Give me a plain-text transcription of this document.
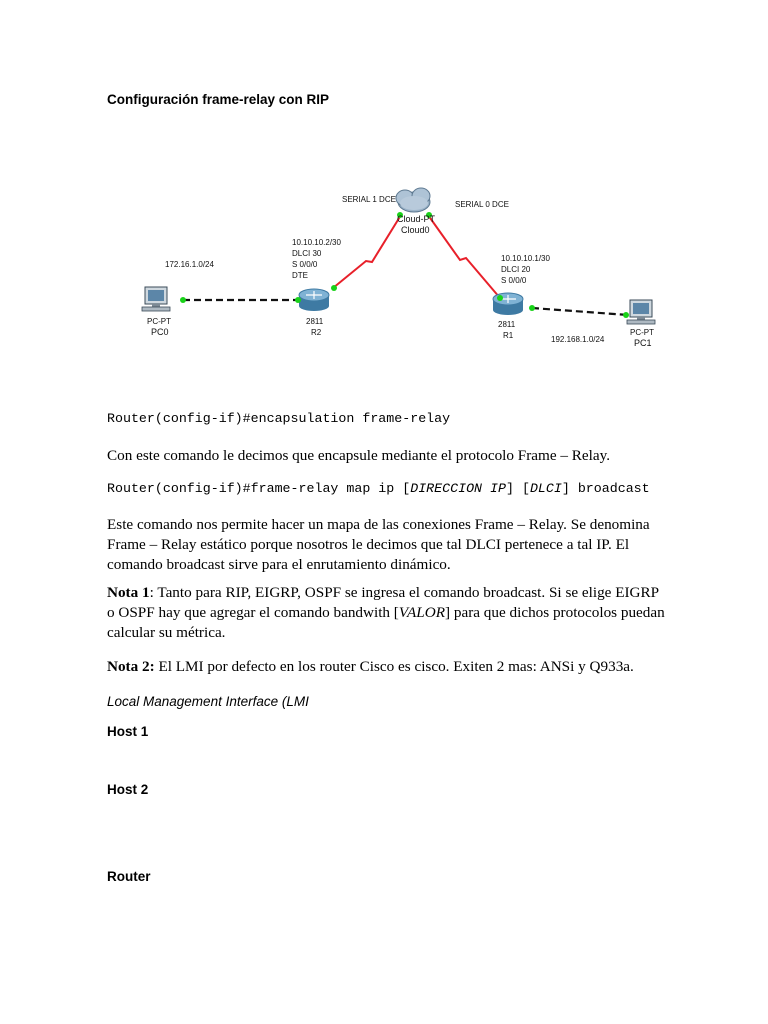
Configuración frame-relay con RIP
SERIAL 1 DCE
SERIAL 0 DCE
Cloud-PT
Cloud0
10.10.10.2/30
DLCI 30
S 0/0/0
DTE
10.10.10.1/30
DLCI 20
S 0/0/0
172.16.1.0/24
192.168.1.0/24
PC-PT
PC0	PC-PT
PC1
2811
R2
2811
R1
Router(config-if)#encapsulation frame-relay
Con este comando le decimos que encapsule mediante el protocolo Frame – Relay.
Router(config-if)#frame-relay map ip [DIRECCION IP] [DLCI] broadcast
Este comando nos permite hacer un mapa de las conexiones Frame – Relay. Se denomina Frame – Relay estático porque nosotros le decimos que tal DLCI pertenece a tal IP. El comando broadcast sirve para el enrutamiento dinámico.
Nota 1: Tanto para RIP, EIGRP, OSPF se ingresa el comando broadcast. Si se elige EIGRP o OSPF hay que agregar el comando bandwith [VALOR] para que dichos protocolos puedan calcular su métrica.
Nota 2: El LMI por defecto en los router Cisco es cisco. Exiten 2 mas: ANSi y Q933a.
Local Management Interface (LMI
Host 1
Host 2
Router
